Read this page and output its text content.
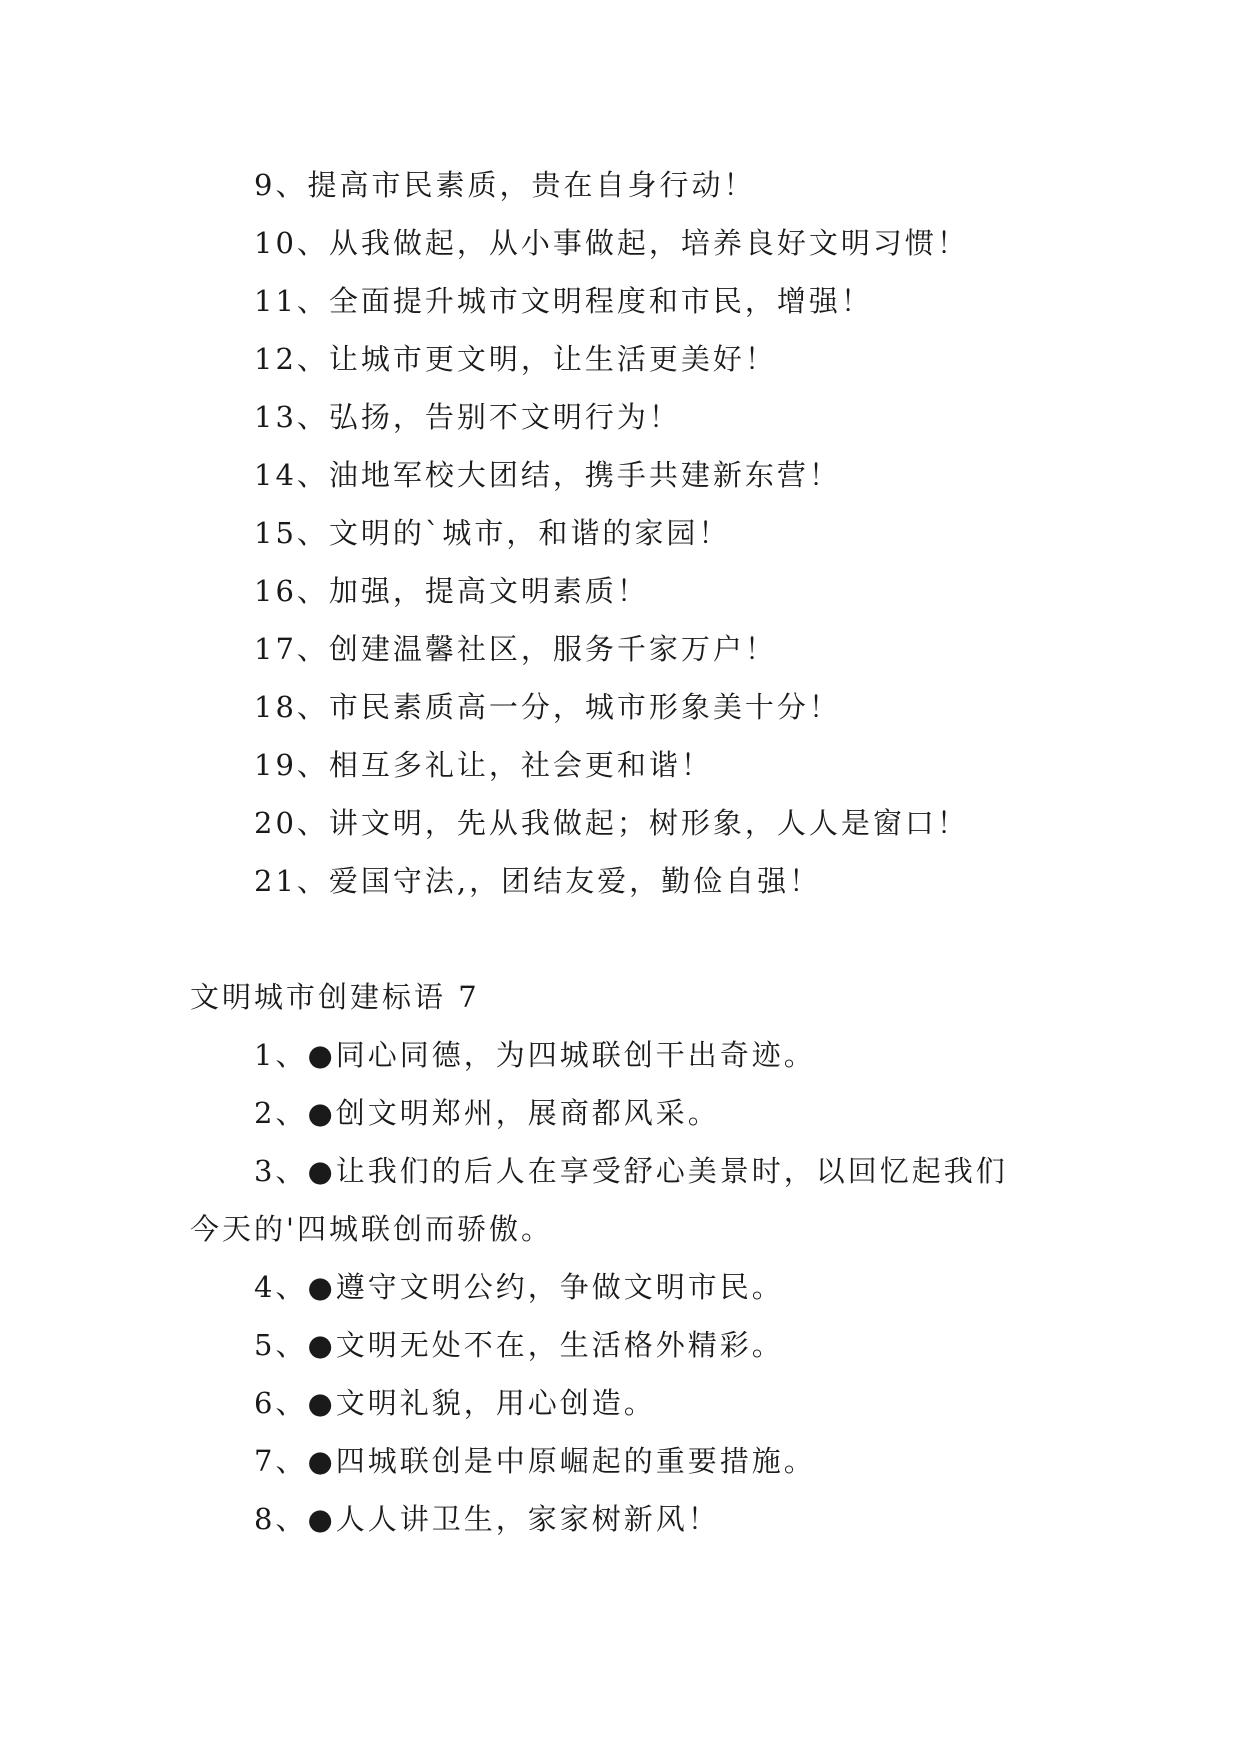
9、提高市民素质，贵在自身行动！
10、从我做起，从小事做起，培养良好文明习惯！
11、全面提升城市文明程度和市民，增强！
12、让城市更文明，让生活更美好！
13、弘扬，告别不文明行为！
14、油地军校大团结，携手共建新东营！
15、文明的`城市，和谐的家园！
16、加强，提高文明素质！
17、创建温馨社区，服务千家万户！
18、市民素质高一分，城市形象美十分！
19、相互多礼让，社会更和谐！
20、讲文明，先从我做起；树形象，人人是窗口！
21、爱国守法,，团结友爱，勤俭自强！
文明城市创建标语 7
1、●同心同德，为四城联创干出奇迹。
2、●创文明郑州，展商都风采。
3、●让我们的后人在享受舒心美景时，以回忆起我们
今天的'四城联创而骄傲。
4、●遵守文明公约，争做文明市民。
5、●文明无处不在，生活格外精彩。
6、●文明礼貌，用心创造。
7、●四城联创是中原崛起的重要措施。
8、●人人讲卫生，家家树新风！
